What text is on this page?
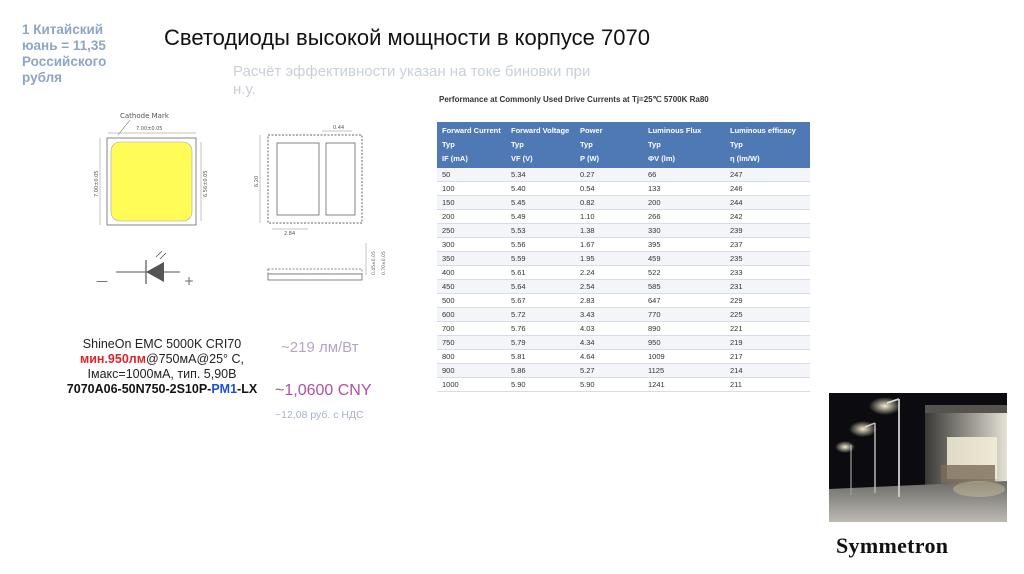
1 Китайский юань = 11,35 Российского рубля
Светодиоды высокой мощности в корпусе 7070
Расчёт эффективности указан на токе биновки при н.у.
Cathode Mark
7.00±0.05
7.00±0.05	6.56±0.05
0.44
6.20
2.84
0.45±0.05 0.70±0.05
—	+
ShineOn EMC 5000K CRI70
мин.950лм@750мА@25° С,
Iмакс=1000мА, тип. 5,90В
7070A06-50N750-2S10P-PM1-LX
~219 лм/Вт
~1,0600 CNY
~12,08 руб. с НДС
Performance at Commonly Used Drive Currents at Tj=25℃ 5700K Ra80
Forward Current	Forward Voltage	Power	Luminous Flux	Luminous efficacy
Typ	Typ	Typ	Typ	Typ
IF (mA)	VF (V)	P (W)	ΦV (lm)	η (lm/W)
50	5.34	0.27	66	247
100	5.40	0.54	133	246
150	5.45	0.82	200	244
200	5.49	1.10	266	242
250	5.53	1.38	330	239
300	5.56	1.67	395	237
350	5.59	1.95	459	235
400	5.61	2.24	522	233
450	5.64	2.54	585	231
500	5.67	2.83	647	229
600	5.72	3.43	770	225
700	5.76	4.03	890	221
750	5.79	4.34	950	219
800	5.81	4.64	1009	217
900	5.86	5.27	1125	214
1000	5.90	5.90	1241	211
Symmetron
